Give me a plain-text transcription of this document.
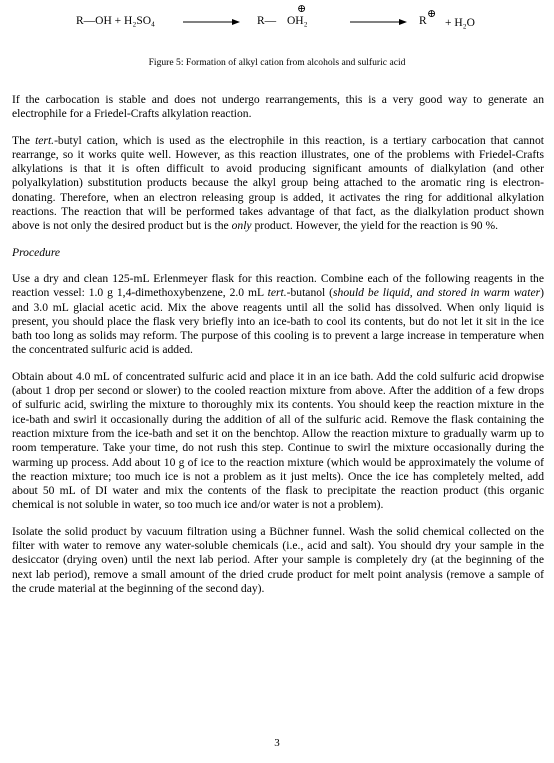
R—OH + H₂SO₄	R—
⊕
OH₂	R
⊕
+ H₂O
Figure 5: Formation of alkyl cation from alcohols and sulfuric acid

If the carbocation is stable and does not undergo rearrangements, this is a very good way to generate an electrophile for a Friedel-Crafts alkylation reaction.

The tert.-butyl cation, which is used as the electrophile in this reaction, is a tertiary carbocation that cannot rearrange, so it works quite well. However, as this reaction illustrates, one of the problems with Friedel-Crafts alkylations is that it is often difficult to avoid producing significant amounts of dialkylation (and other polyalkylation) substitution products because the alkyl group being attached to the aromatic ring is electron-donating. Therefore, when an electron releasing group is added, it activates the ring for additional alkylation reactions. The reaction that will be performed takes advantage of that fact, as the dialkylation product shown above is not only the desired product but is the only product. However, the yield for the reaction is 90 %.

Procedure

Use a dry and clean 125-mL Erlenmeyer flask for this reaction. Combine each of the following reagents in the reaction vessel: 1.0 g 1,4-dimethoxybenzene, 2.0 mL tert.-butanol (should be liquid, and stored in warm water) and 3.0 mL glacial acetic acid. Mix the above reagents until all the solid has dissolved. When only liquid is present, you should place the flask very briefly into an ice-bath to cool its contents, but do not let it sit in the ice bath too long as solids may reform. The purpose of this cooling is to prevent a large increase in temperature when the concentrated sulfuric acid is added.

Obtain about 4.0 mL of concentrated sulfuric acid and place it in an ice bath. Add the cold sulfuric acid dropwise (about 1 drop per second or slower) to the cooled reaction mixture from above. After the addition of a few drops of sulfuric acid, swirling the mixture to thoroughly mix its contents. You should keep the reaction mixture in the ice-bath and swirl it occasionally during the addition of all of the sulfuric acid. Remove the flask containing the reaction mixture from the ice-bath and set it on the benchtop. Allow the reaction mixture to gradually warm up to room temperature. Take your time, do not rush this step. Continue to swirl the mixture occasionally during the warming up process. Add about 10 g of ice to the reaction mixture (which would be approximately the volume of the reaction mixture; too much ice is not a problem as it just melts). Once the ice has completely melted, add about 50 mL of DI water and mix the contents of the flask to precipitate the reaction product (this organic chemical is not soluble in water, so too much ice and/or water is not a problem).

Isolate the solid product by vacuum filtration using a Büchner funnel. Wash the solid chemical collected on the filter with water to remove any water-soluble chemicals (i.e., acid and salt). You should dry your sample in the desiccator (drying oven) until the next lab period. After your sample is completely dry (at the beginning of the next lab period), remove a small amount of the dried crude product for melt point analysis (remove a sample of the crude material at the beginning of the second day).

3
